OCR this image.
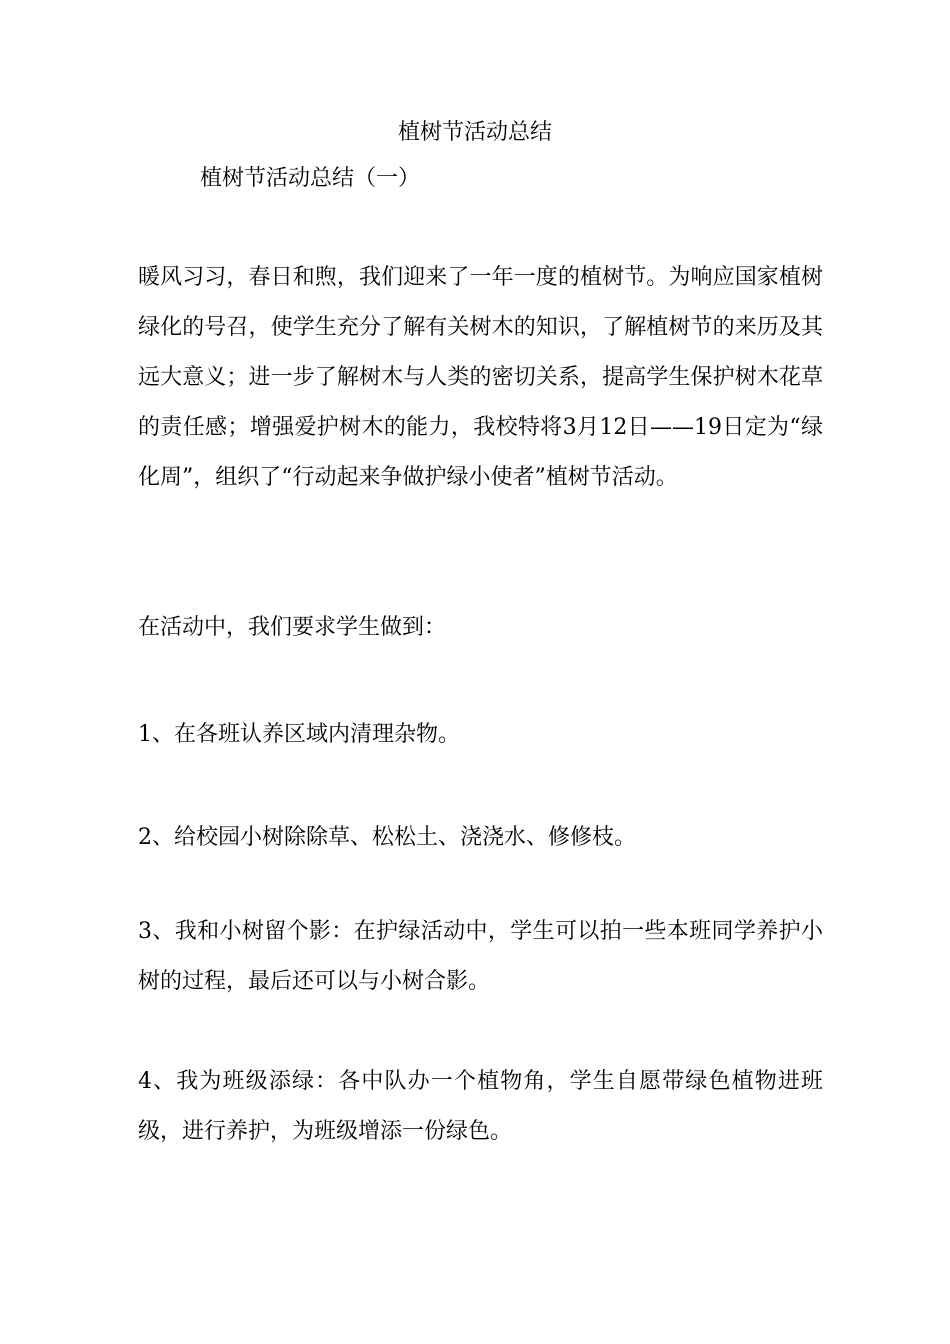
植树节活动总结

植树节活动总结（一）

暖风习习，春日和煦，我们迎来了一年一度的植树节。为响应国家植树绿化的号召，使学生充分了解有关树木的知识，了解植树节的来历及其远大意义；进一步了解树木与人类的密切关系，提高学生保护树木花草的责任感；增强爱护树木的能力，我校特将3月12日——19日定为“绿化周”，组织了“行动起来争做护绿小使者”植树节活动。

在活动中，我们要求学生做到：

1、在各班认养区域内清理杂物。

2、给校园小树除除草、松松土、浇浇水、修修枝。

3、我和小树留个影：在护绿活动中，学生可以拍一些本班同学养护小树的过程，最后还可以与小树合影。

4、我为班级添绿：各中队办一个植物角，学生自愿带绿色植物进班级，进行养护，为班级增添一份绿色。
